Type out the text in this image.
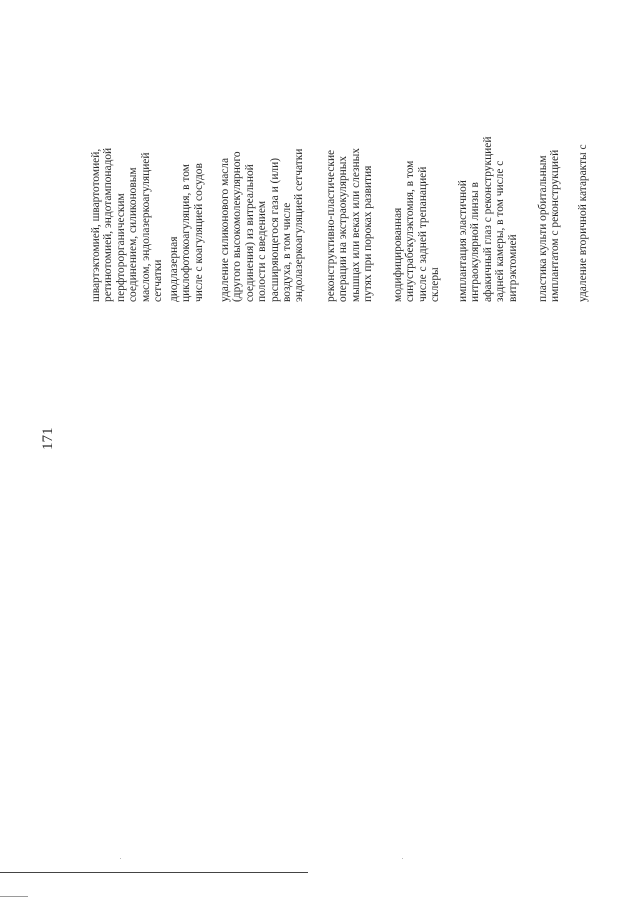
171
швартэктомией, швартотомией,
ретинотомией, эндотампонадой
перфторорганическим
соединением, силиконовым
маслом, эндолазеркоагуляцией
сетчатки диодлазерная
циклофотокоагуляция, в том
числе с коагуляцией сосудов
удаление силиконового масла
(другого высокомолекулярного
соединения) из витреальной
полости с введением
расширяющегося газа и (или)
воздуха, в том числе
эндолазеркоагуляцией сетчатки реконструктивно-пластические
операции на экстраокулярных
мышцах или веках или слезных
путях при пороках развития
модифицированная
синустрабекулэктомия, в том
числе с задней трепанацией
склеры имплантация эластичной
интраокулярной линзы в
афакичный глаз с реконструкцией
задней камеры, в том числе с
витрэктомией пластика культи орбитальным
имплантатом с реконструкцией удаление вторичной катаракты с
